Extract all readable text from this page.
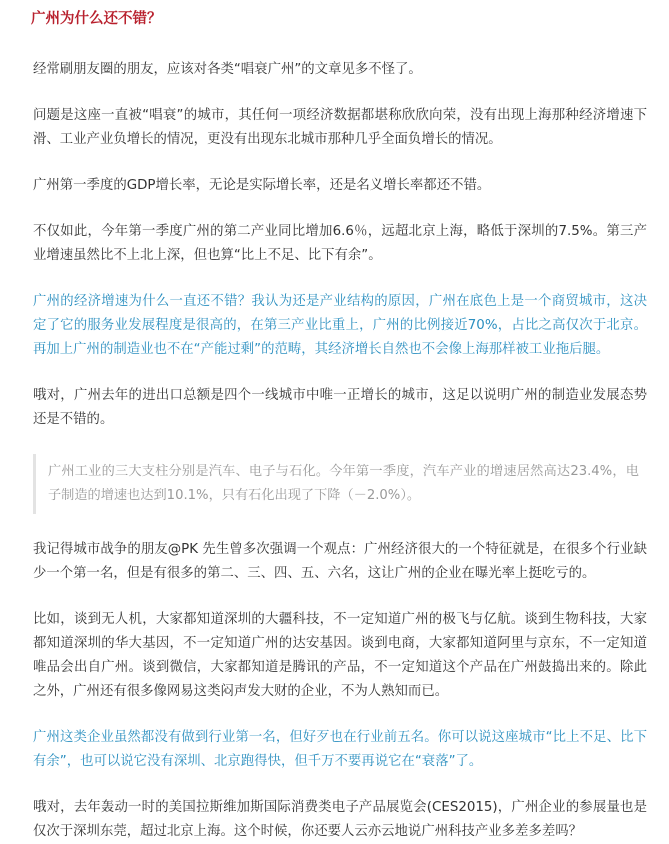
广州为什么还不错？

经常刷朋友圈的朋友，应该对各类“唱衰广州”的文章见多不怪了。

问题是这座一直被“唱衰”的城市，其任何一项经济数据都堪称欣欣向荣，没有出现上海那种经济增速下滑、工业产业负增长的情况，更没有出现东北城市那种几乎全面负增长的情况。

广州第一季度的GDP增长率，无论是实际增长率，还是名义增长率都还不错。

不仅如此，今年第一季度广州的第二产业同比增加6.6％，远超北京上海，略低于深圳的7.5%。第三产业增速虽然比不上北上深，但也算“比上不足、比下有余”。

广州的经济增速为什么一直还不错？我认为还是产业结构的原因，广州在底色上是一个商贸城市，这决定了它的服务业发展程度是很高的，在第三产业比重上，广州的比例接近70%，占比之高仅次于北京。再加上广州的制造业也不在“产能过剩”的范畴，其经济增长自然也不会像上海那样被工业拖后腿。

哦对，广州去年的进出口总额是四个一线城市中唯一正增长的城市，这足以说明广州的制造业发展态势还是不错的。

广州工业的三大支柱分别是汽车、电子与石化。今年第一季度，汽车产业的增速居然高达23.4%，电子制造的增速也达到10.1%，只有石化出现了下降（－2.0%）。

我记得城市战争的朋友@PK 先生曾多次强调一个观点：广州经济很大的一个特征就是，在很多个行业缺少一个第一名，但是有很多的第二、三、四、五、六名，这让广州的企业在曝光率上挺吃亏的。

比如，谈到无人机，大家都知道深圳的大疆科技，不一定知道广州的极飞与亿航。谈到生物科技，大家都知道深圳的华大基因，不一定知道广州的达安基因。谈到电商，大家都知道阿里与京东，不一定知道唯品会出自广州。谈到微信，大家都知道是腾讯的产品，不一定知道这个产品在广州鼓捣出来的。除此之外，广州还有很多像网易这类闷声发大财的企业，不为人熟知而已。

广州这类企业虽然都没有做到行业第一名，但好歹也在行业前五名。你可以说这座城市“比上不足、比下有余”，也可以说它没有深圳、北京跑得快，但千万不要再说它在“衰落”了。

哦对，去年轰动一时的美国拉斯维加斯国际消费类电子产品展览会(CES2015)，广州企业的参展量也是仅次于深圳东莞，超过北京上海。这个时候，你还要人云亦云地说广州科技产业多差多差吗？
